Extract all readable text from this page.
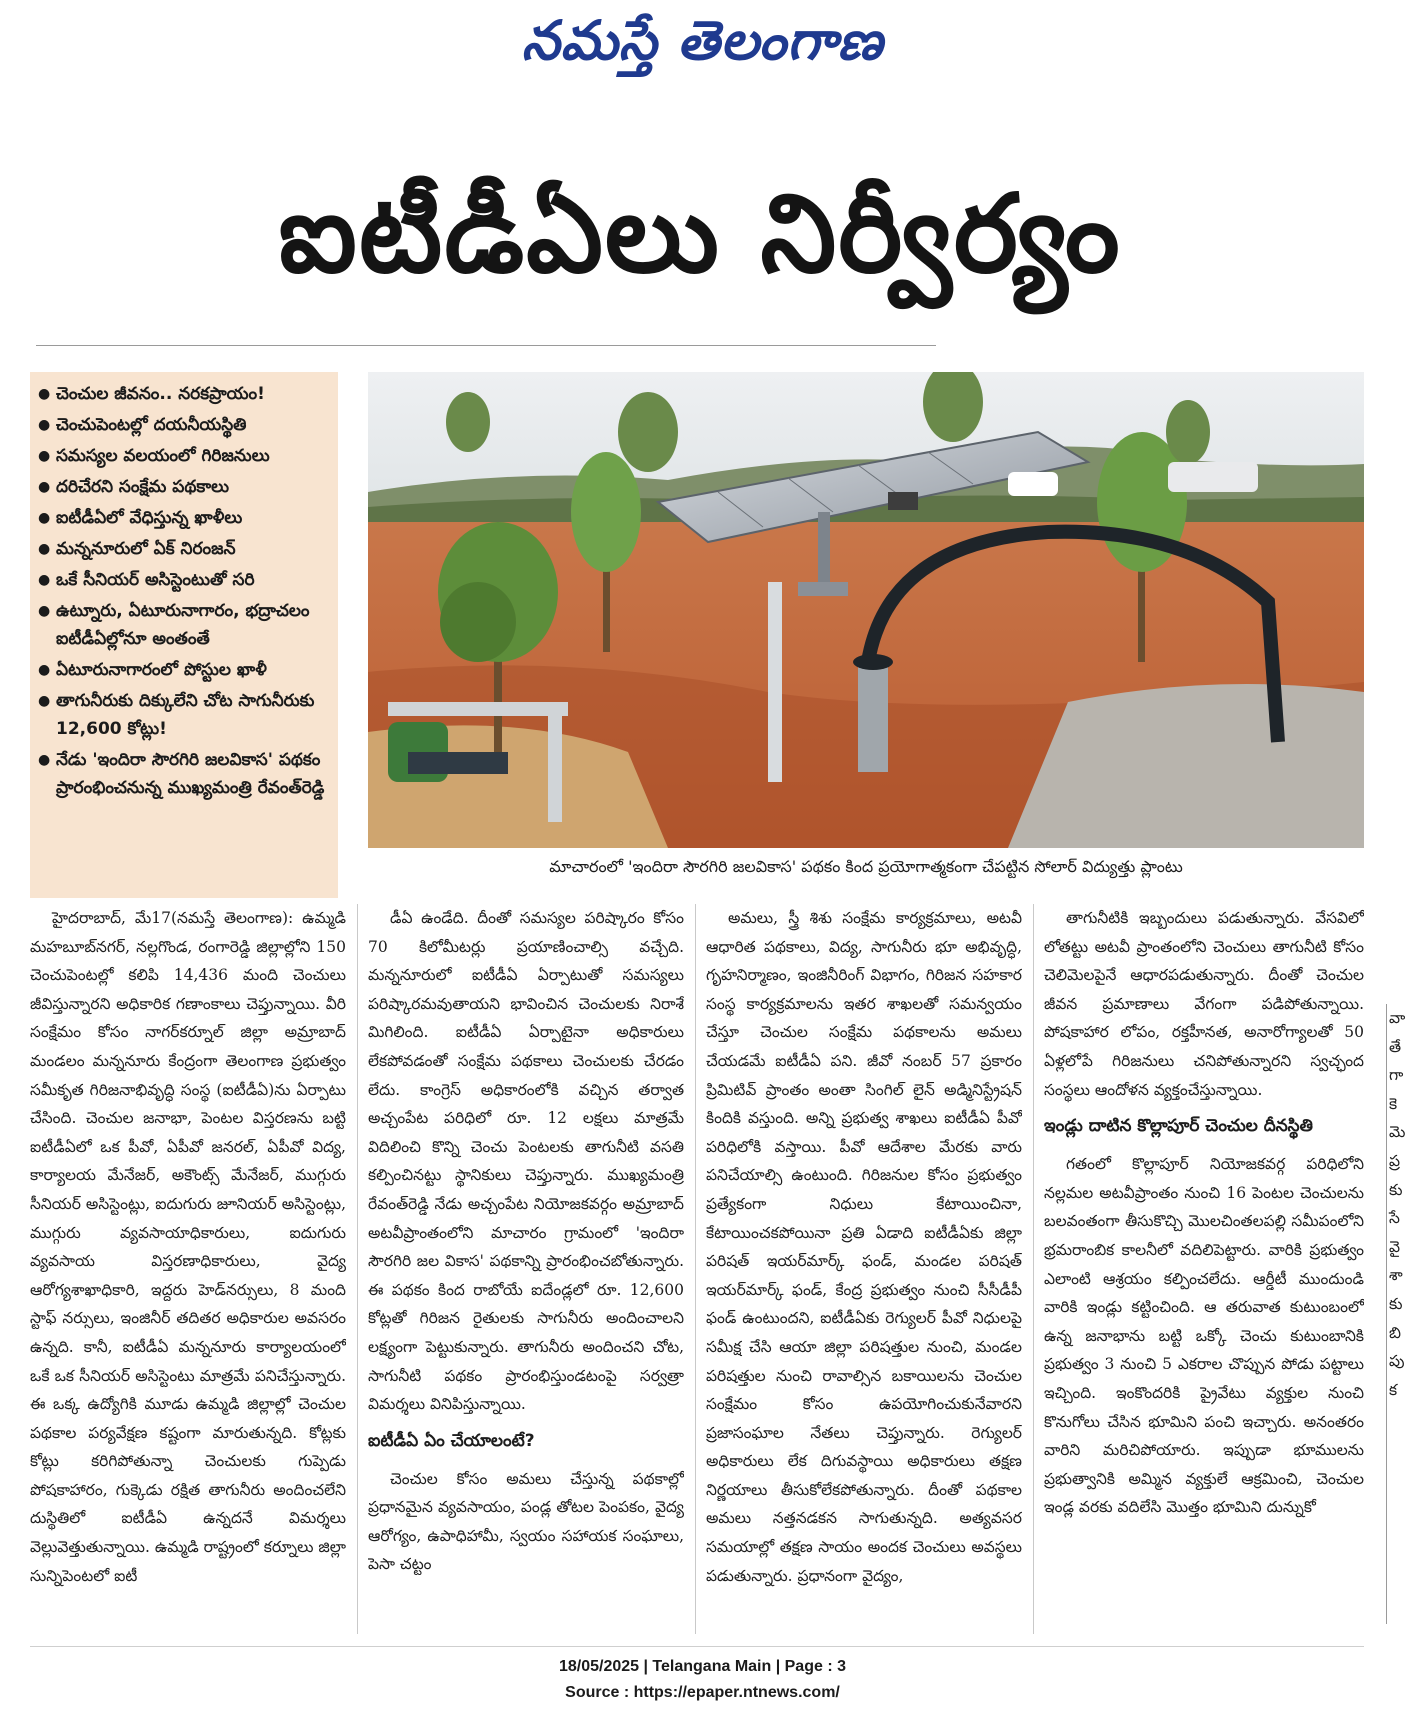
నమస్తే తెలంగాణ
ఐటీడీఏలు నిర్వీర్యం
● చెంచుల జీవనం.. నరకప్రాయం!
● చెంచుపెంటల్లో దయనీయస్థితి
● సమస్యల వలయంలో గిరిజనులు
● దరిచేరని సంక్షేమ పథకాలు
● ఐటీడీఏలో వేధిస్తున్న ఖాళీలు
● మన్ననూరులో ఏక్ నిరంజన్
● ఒకే సీనియర్ అసిస్టెంటుతో సరి
● ఉట్నూరు, ఏటూరునాగారం, భద్రాచలం ఐటీడీఏల్లోనూ అంతంతే
● ఏటూరునాగారంలో పోస్టుల ఖాళీ
● తాగునీరుకు దిక్కులేని చోట సాగునీరుకు 12,600 కోట్లు!
● నేడు 'ఇందిరా సౌరగిరి జలవికాస' పథకం ప్రారంభించనున్న ముఖ్యమంత్రి రేవంత్‌రెడ్డి
మాచారంలో 'ఇందిరా సౌరగిరి జలవికాస' పథకం కింద ప్రయోగాత్మకంగా చేపట్టిన సోలార్ విద్యుత్తు ప్లాంటు

హైదరాబాద్, మే17(నమస్తే తెలంగాణ): ఉమ్మడి మహబూబ్‌నగర్, నల్లగొండ, రంగారెడ్డి జిల్లాల్లోని 150 చెంచుపెంటల్లో కలిపి 14,436 మంది చెంచులు జీవిస్తున్నారని అధికారిక గణాంకాలు చెప్తున్నాయి. వీరి సంక్షేమం కోసం నాగర్‌కర్నూల్ జిల్లా అమ్రాబాద్ మండలం మన్ననూరు కేంద్రంగా తెలంగాణ ప్రభుత్వం సమీకృత గిరిజనాభివృద్ధి సంస్థ (ఐటీడీఏ)ను ఏర్పాటు చేసింది. చెంచుల జనాభా, పెంటల విస్తరణను బట్టి ఐటీడీఏలో ఒక పీవో, ఏపీవో జనరల్, ఏపీవో విద్య, కార్యాలయ మేనేజర్, అకౌంట్స్ మేనేజర్, ముగ్గురు సీనియర్ అసిస్టెంట్లు, ఐదుగురు జూనియర్ అసిస్టెంట్లు, ముగ్గురు వ్యవసాయాధికారులు, ఐదుగురు వ్యవసాయ విస్తరణాధికారులు, వైద్య ఆరోగ్యశాఖాధికారి, ఇద్దరు హెడ్‌నర్సులు, 8 మంది స్టాఫ్ నర్సులు, ఇంజినీర్ తదితర అధికారుల అవసరం ఉన్నది. కానీ, ఐటీడీఏ మన్ననూరు కార్యాలయంలో ఒకే ఒక సీనియర్ అసిస్టెంటు మాత్రమే పనిచేస్తున్నారు. ఈ ఒక్క ఉద్యోగికి మూడు ఉమ్మడి జిల్లాల్లో చెంచుల పథకాల పర్యవేక్షణ కష్టంగా మారుతున్నది. కోట్లకు కోట్లు కరిగిపోతున్నా చెంచులకు గుప్పెడు పోషకాహారం, గుక్కెడు రక్షిత తాగునీరు అందించలేని దుస్థితిలో ఐటీడీఏ ఉన్నదనే విమర్శలు వెల్లువెత్తుతున్నాయి. ఉమ్మడి రాష్ట్రంలో కర్నూలు జిల్లా సున్నిపెంటలో ఐటీ

డీఏ ఉండేది. దీంతో సమస్యల పరిష్కారం కోసం 70 కిలోమీటర్లు ప్రయాణించాల్సి వచ్చేది. మన్ననూరులో ఐటీడీఏ ఏర్పాటుతో సమస్యలు పరిష్కారమవుతాయని భావించిన చెంచులకు నిరాశే మిగిలింది. ఐటీడీఏ ఏర్పాటైనా అధికారులు లేకపోవడంతో సంక్షేమ పథకాలు చెంచులకు చేరడం లేదు. కాంగ్రెస్ అధికారంలోకి వచ్చిన తర్వాత అచ్చంపేట పరిధిలో రూ. 12 లక్షలు మాత్రమే విదిలించి కొన్ని చెంచు పెంటలకు తాగునీటి వసతి కల్పించినట్టు స్థానికులు చెప్తున్నారు. ముఖ్యమంత్రి రేవంత్‌రెడ్డి నేడు అచ్చంపేట నియోజకవర్గం అమ్రాబాద్ అటవీప్రాంతంలోని మాచారం గ్రామంలో 'ఇందిరా సౌరగిరి జల వికాస' పథకాన్ని ప్రారంభించబోతున్నారు. ఈ పథకం కింద రాబోయే ఐదేండ్లలో రూ. 12,600 కోట్లతో గిరిజన రైతులకు సాగునీరు అందించాలని లక్ష్యంగా పెట్టుకున్నారు. తాగునీరు అందించని చోట, సాగునీటి పథకం ప్రారంభిస్తుండటంపై సర్వత్రా విమర్శలు వినిపిస్తున్నాయి.

ఐటీడీఏ ఏం చేయాలంటే?

చెంచుల కోసం అమలు చేస్తున్న పథకాల్లో ప్రధానమైన వ్యవసాయం, పండ్ల తోటల పెంపకం, వైద్య ఆరోగ్యం, ఉపాధిహామీ, స్వయం సహాయక సంఘాలు, పెసా చట్టం

అమలు, స్త్రీ శిశు సంక్షేమ కార్యక్రమాలు, అటవీ ఆధారిత పథకాలు, విద్య, సాగునీరు భూ అభివృద్ధి, గృహనిర్మాణం, ఇంజినీరింగ్ విభాగం, గిరిజన సహకార సంస్థ కార్యక్రమాలను ఇతర శాఖలతో సమన్వయం చేస్తూ చెంచుల సంక్షేమ పథకాలను అమలు చేయడమే ఐటీడీఏ పని. జీవో నంబర్ 57 ప్రకారం ప్రిమిటివ్ ప్రాంతం అంతా సింగిల్ లైన్ అడ్మినిస్ట్రేషన్ కిందికి వస్తుంది. అన్ని ప్రభుత్వ శాఖలు ఐటీడీఏ పీవో పరిధిలోకి వస్తాయి. పీవో ఆదేశాల మేరకు వారు పనిచేయాల్సి ఉంటుంది. గిరిజనుల కోసం ప్రభుత్వం ప్రత్యేకంగా నిధులు కేటాయించినా, కేటాయించకపోయినా ప్రతి ఏడాది ఐటీడీఏకు జిల్లా పరిషత్ ఇయర్‌మార్క్ ఫండ్, మండల పరిషత్ ఇయర్‌మార్క్ ఫండ్, కేంద్ర ప్రభుత్వం నుంచి సీసీడీపీ ఫండ్ ఉంటుందని, ఐటీడీఏకు రెగ్యులర్ పీవో నిధులపై సమీక్ష చేసి ఆయా జిల్లా పరిషత్తుల నుంచి, మండల పరిషత్తుల నుంచి రావాల్సిన బకాయిలను చెంచుల సంక్షేమం కోసం ఉపయోగించుకునేవారని ప్రజాసంఘాల నేతలు చెప్తున్నారు. రెగ్యులర్ అధికారులు లేక దిగువస్థాయి అధికారులు తక్షణ నిర్ణయాలు తీసుకోలేకపోతున్నారు. దీంతో పథకాల అమలు నత్తనడకన సాగుతున్నది. అత్యవసర సమయాల్లో తక్షణ సాయం అందక చెంచులు అవస్థలు పడుతున్నారు. ప్రధానంగా వైద్యం,

తాగునీటికి ఇబ్బందులు పడుతున్నారు. వేసవిలో లోతట్టు అటవీ ప్రాంతంలోని చెంచులు తాగునీటి కోసం చెలిమెలపైనే ఆధారపడుతున్నారు. దీంతో చెంచుల జీవన ప్రమాణాలు వేగంగా పడిపోతున్నాయి. పోషకాహార లోపం, రక్తహీనత, అనారోగ్యాలతో 50 ఏళ్లలోపే గిరిజనులు చనిపోతున్నారని స్వచ్ఛంద సంస్థలు ఆందోళన వ్యక్తంచేస్తున్నాయి.

ఇండ్లు దాటిన కొల్లాపూర్ చెంచుల దీనస్థితి

గతంలో కొల్లాపూర్ నియోజకవర్గ పరిధిలోని నల్లమల అటవీప్రాంతం నుంచి 16 పెంటల చెంచులను బలవంతంగా తీసుకొచ్చి మొలచింతలపల్లి సమీపంలోని భ్రమరాంబిక కాలనీలో వదిలిపెట్టారు. వారికి ప్రభుత్వం ఎలాంటి ఆశ్రయం కల్పించలేదు. ఆర్డీటీ ముందుండి వారికి ఇండ్లు కట్టించింది. ఆ తరువాత కుటుంబంలో ఉన్న జనాభాను బట్టి ఒక్కో చెంచు కుటుంబానికి ప్రభుత్వం 3 నుంచి 5 ఎకరాల చొప్పున పోడు పట్టాలు ఇచ్చింది. ఇంకొందరికి ప్రైవేటు వ్యక్తుల నుంచి కొనుగోలు చేసిన భూమిని పంచి ఇచ్చారు. అనంతరం వారిని మరిచిపోయారు. ఇప్పుడా భూములను ప్రభుత్వానికి అమ్మిన వ్యక్తులే ఆక్రమించి, చెంచుల ఇండ్ల వరకు వదిలేసి మొత్తం భూమిని దున్నుకో

వా
తే
గా
కె
మె
ప్ర
కు
సే
వై
శా
కు
బి
పు
క
18/05/2025 | Telangana Main | Page : 3
Source : https://epaper.ntnews.com/
